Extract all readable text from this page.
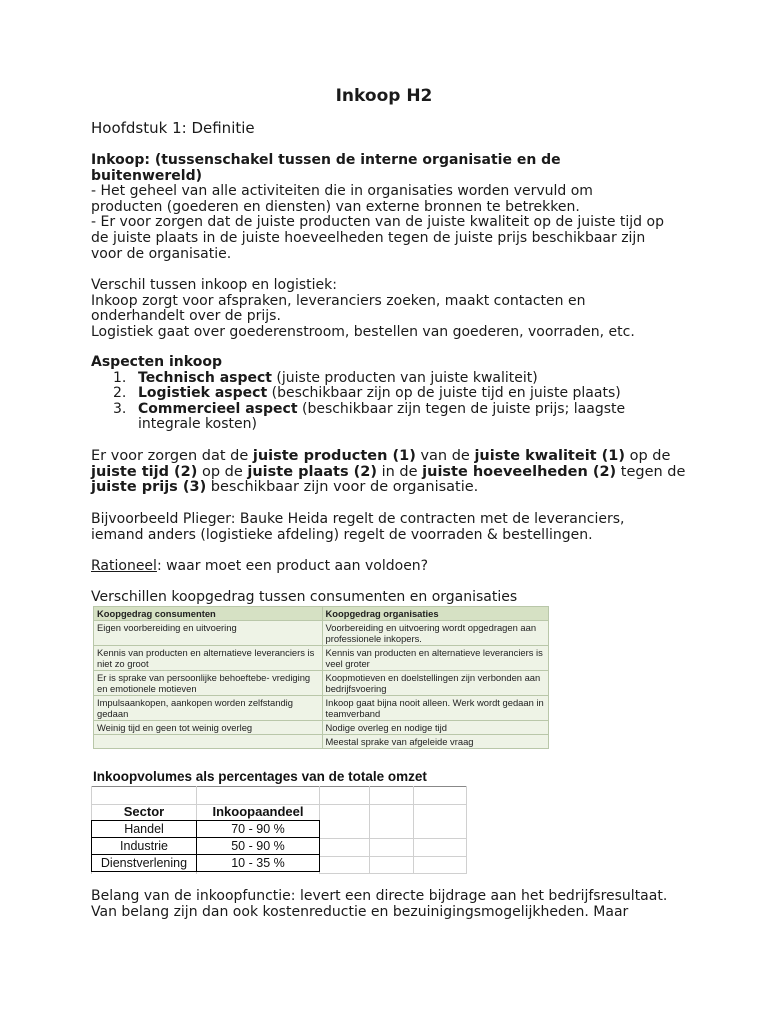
Inkoop H2
Hoofdstuk 1: Definitie
Inkoop: (tussenschakel tussen de interne organisatie en de
buitenwereld)
- Het geheel van alle activiteiten die in organisaties worden vervuld om
producten (goederen en diensten) van externe bronnen te betrekken.
- Er voor zorgen dat de juiste producten van de juiste kwaliteit op de juiste tijd op
de juiste plaats in de juiste hoeveelheden tegen de juiste prijs beschikbaar zijn
voor de organisatie.
Verschil tussen inkoop en logistiek:
Inkoop zorgt voor afspraken, leveranciers zoeken, maakt contacten en
onderhandelt over de prijs.
Logistiek gaat over goederenstroom, bestellen van goederen, voorraden, etc.
Aspecten inkoop
1. Technisch aspect (juiste producten van juiste kwaliteit)
2. Logistiek aspect (beschikbaar zijn op de juiste tijd en juiste plaats)
3. Commercieel aspect (beschikbaar zijn tegen de juiste prijs; laagste
integrale kosten)
Er voor zorgen dat de juiste producten (1) van de juiste kwaliteit (1) op de
juiste tijd (2) op de juiste plaats (2) in de juiste hoeveelheden (2) tegen de
juiste prijs (3) beschikbaar zijn voor de organisatie.
Bijvoorbeeld Plieger: Bauke Heida regelt de contracten met de leveranciers,
iemand anders (logistieke afdeling) regelt de voorraden & bestellingen.
Rationeel: waar moet een product aan voldoen?
Verschillen koopgedrag tussen consumenten en organisaties
Koopgedrag consumenten	Koopgedrag organisaties
Eigen voorbereiding en uitvoering	Voorbereiding en uitvoering wordt opgedragen aan professionele inkopers.
Kennis van producten en alternatieve leveranciers is niet zo groot	Kennis van producten en alternatieve leveranciers is veel groter
Er is sprake van persoonlijke behoeftebe- vrediging en emotionele motieven	Koopmotieven en doelstellingen zijn verbonden aan bedrijfsvoering
Impulsaankopen, aankopen worden zelfstandig gedaan	Inkoop gaat bijna nooit alleen. Werk wordt gedaan in teamverband
Weinig tijd en geen tot weinig overleg	Nodige overleg en nodige tijd
	Meestal sprake van afgeleide vraag
Inkoopvolumes als percentages van de totale omzet
Sector	Inkoopaandeel
Handel	70 - 90 %
Industrie	50 - 90 %
Dienstverlening	10 - 35 %
Belang van de inkoopfunctie: levert een directe bijdrage aan het bedrijfsresultaat.
Van belang zijn dan ook kostenreductie en bezuinigingsmogelijkheden. Maar
